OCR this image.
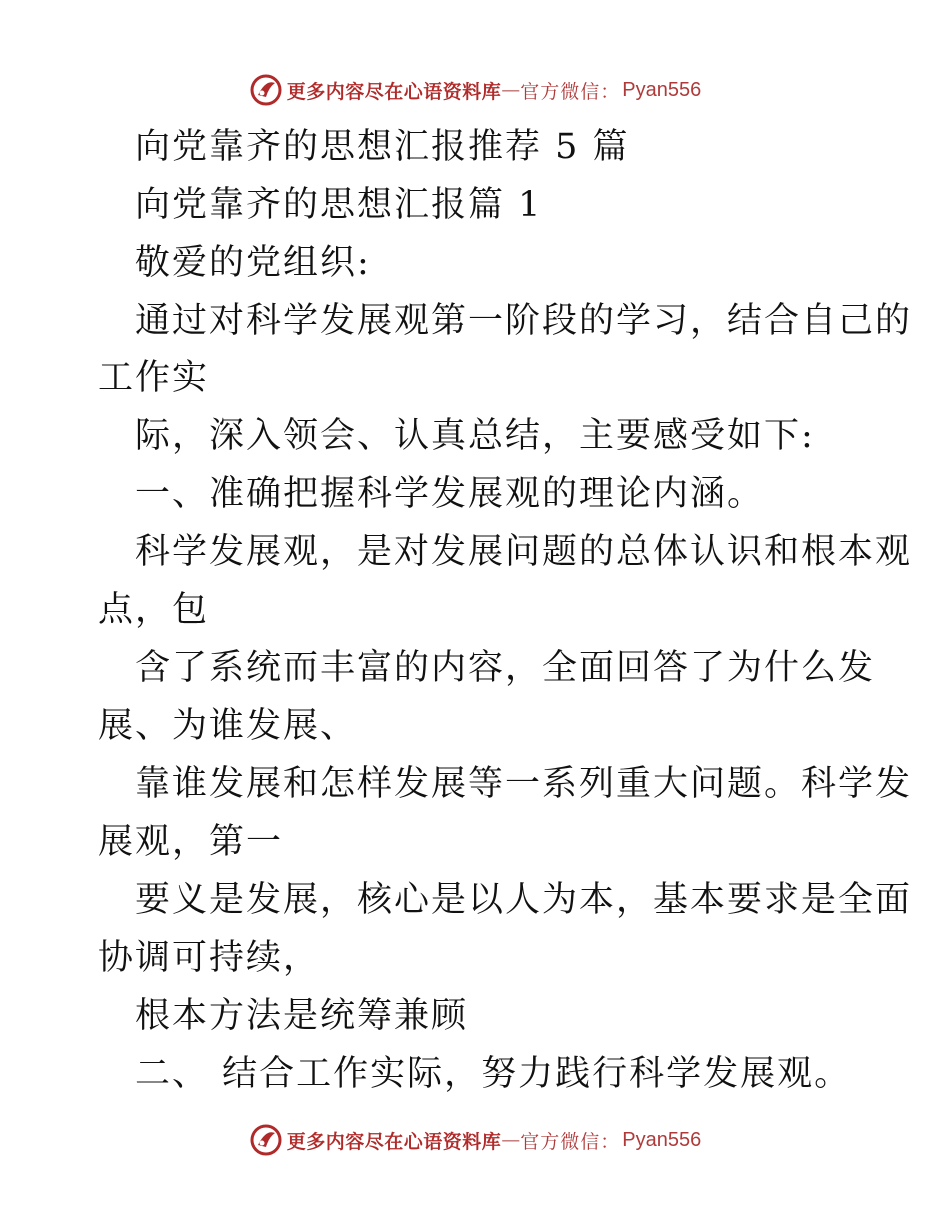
更多内容尽在心语资料库 — 官方微信： Pyan556
向党靠齐的思想汇报推荐 5 篇
向党靠齐的思想汇报篇 1
敬爱的党组织:
通过对科学发展观第一阶段的学习，结合自己的
工作实
际，深入领会、认真总结，主要感受如下:
一、准确把握科学发展观的理论内涵。
科学发展观，是对发展问题的总体认识和根本观
点，包
含了系统而丰富的内容，全面回答了为什么发
展、为谁发展、
靠谁发展和怎样发展等一系列重大问题。科学发
展观，第一
要义是发展，核心是以人为本，基本要求是全面
协调可持续，
根本方法是统筹兼顾
二、 结合工作实际，努力践行科学发展观。
更多内容尽在心语资料库 — 官方微信： Pyan556
